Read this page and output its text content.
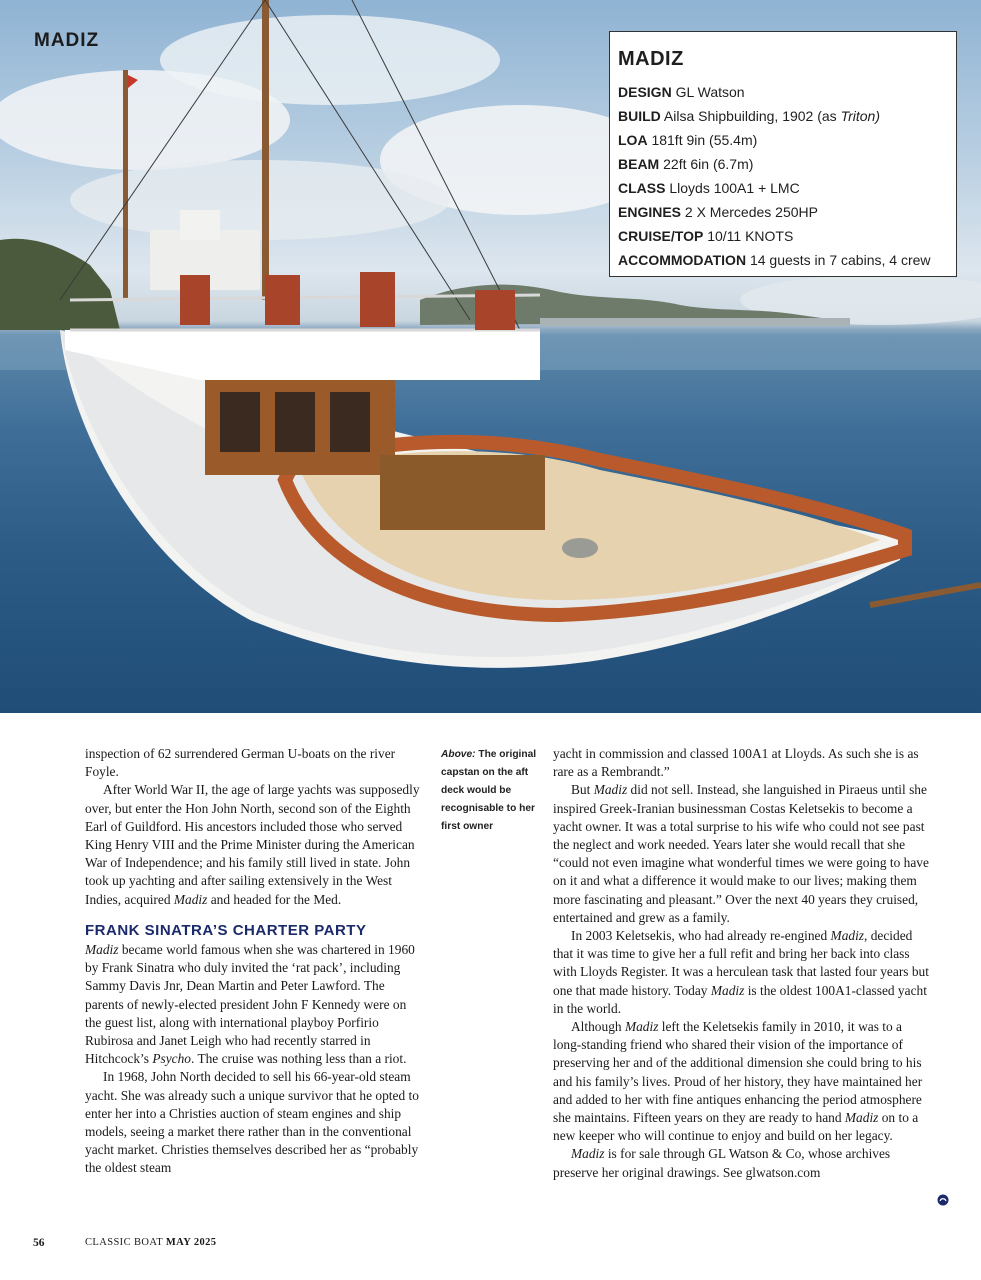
MADIZ
MADIZ
DESIGN GL Watson
BUILD Ailsa Shipbuilding, 1902 (as Triton)
LOA 181ft 9in (55.4m)
BEAM 22ft 6in (6.7m)
CLASS Lloyds 100A1 + LMC
ENGINES 2 X Mercedes 250HP
CRUISE/TOP 10/11 KNOTS
ACCOMMODATION 14 guests in 7 cabins, 4 crew

inspection of 62 surrendered German U-boats on the river Foyle.

After World War II, the age of large yachts was supposedly over, but enter the Hon John North, second son of the Eighth Earl of Guildford. His ancestors included those who served King Henry VIII and the Prime Minister during the American War of Independence; and his family still lived in state. John took up yachting and after sailing extensively in the West Indies, acquired Madiz and headed for the Med.

FRANK SINATRA’S CHARTER PARTY

Madiz became world famous when she was chartered in 1960 by Frank Sinatra who duly invited the ‘rat pack’, including Sammy Davis Jnr, Dean Martin and Peter Lawford. The parents of newly-elected president John F Kennedy were on the guest list, along with international playboy Porfirio Rubirosa and Janet Leigh who had recently starred in Hitchcock’s Psycho. The cruise was nothing less than a riot.

In 1968, John North decided to sell his 66-year-old steam yacht. She was already such a unique survivor that he opted to enter her into a Christies auction of steam engines and ship models, seeing a market there rather than in the conventional yacht market. Christies themselves described her as “probably the oldest steam

Above: The original capstan on the aft deck would be recognisable to her first owner

yacht in commission and classed 100A1 at Lloyds. As such she is as rare as a Rembrandt.”

But Madiz did not sell. Instead, she languished in Piraeus until she inspired Greek-Iranian businessman Costas Keletsekis to become a yacht owner. It was a total surprise to his wife who could not see past the neglect and work needed. Years later she would recall that she “could not even imagine what wonderful times we were going to have on it and what a difference it would make to our lives; making them more fascinating and pleasant.” Over the next 40 years they cruised, entertained and grew as a family.

In 2003 Keletsekis, who had already re-engined Madiz, decided that it was time to give her a full refit and bring her back into class with Lloyds Register. It was a herculean task that lasted four years but one that made history. Today Madiz is the oldest 100A1-classed yacht in the world.

Although Madiz left the Keletsekis family in 2010, it was to a long-standing friend who shared their vision of the importance of preserving her and of the additional dimension she could bring to his and his family’s lives. Proud of her history, they have maintained her and added to her with fine antiques enhancing the period atmosphere she maintains. Fifteen years on they are ready to hand Madiz on to a new keeper who will continue to enjoy and build on her legacy.

Madiz is for sale through GL Watson & Co, whose archives preserve her original drawings. See glwatson.com

56	CLASSIC BOAT MAY 2025
